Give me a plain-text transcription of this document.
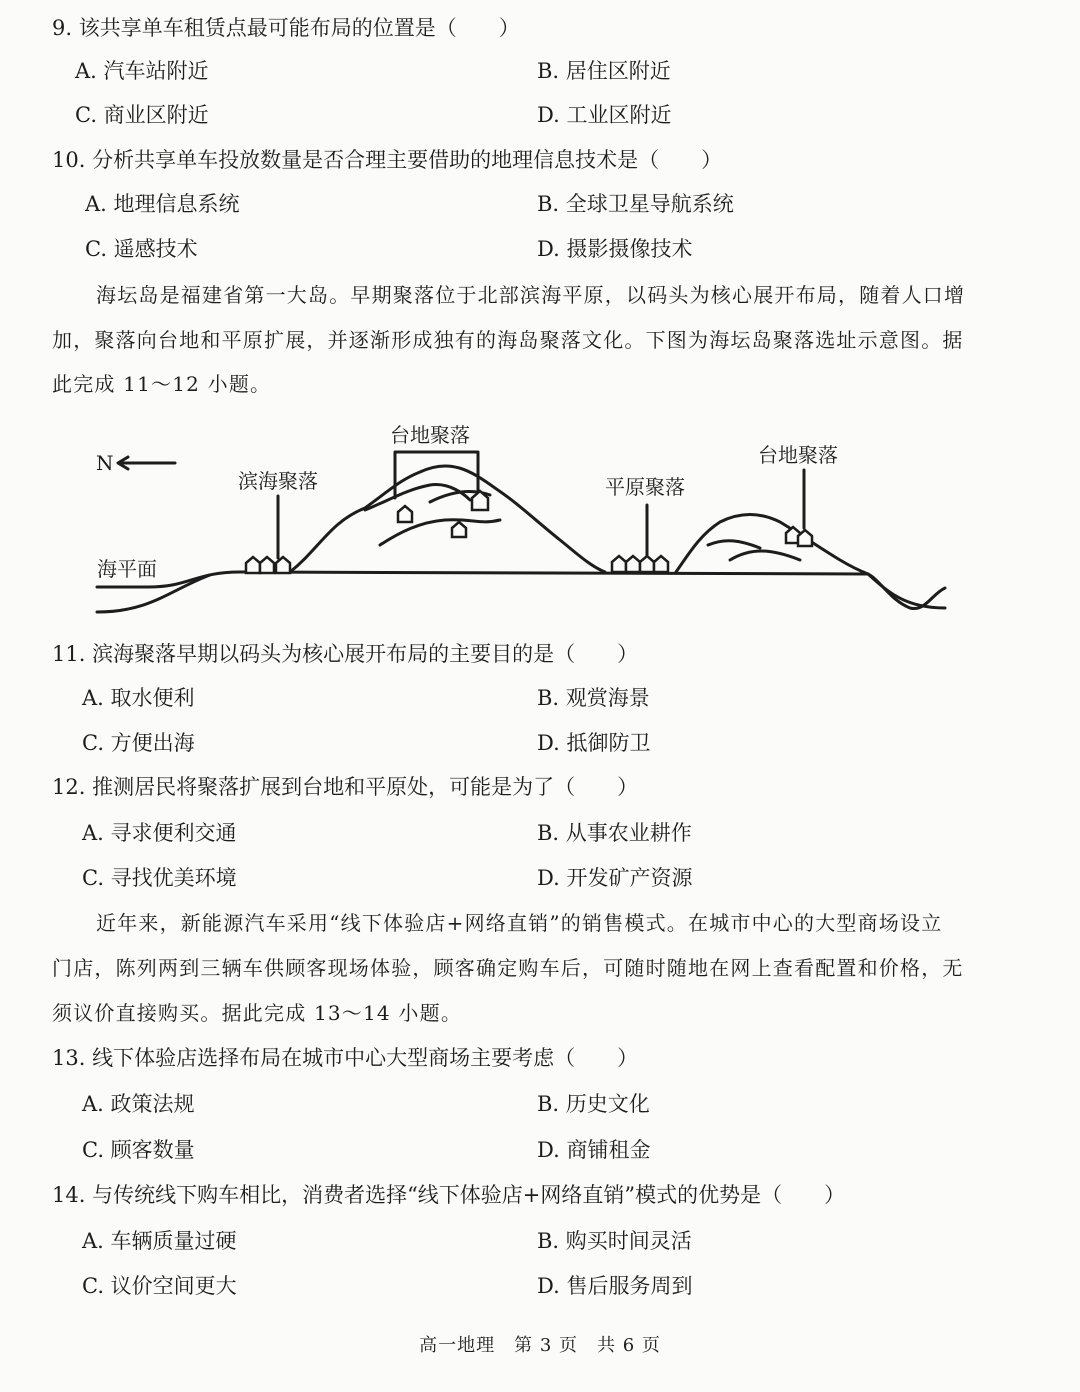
9. 该共享单车租赁点最可能布局的位置是（　　）
A. 汽车站附近	B. 居住区附近
C. 商业区附近	D. 工业区附近
10. 分析共享单车投放数量是否合理主要借助的地理信息技术是（　　）
A. 地理信息系统	B. 全球卫星导航系统
C. 遥感技术	D. 摄影摄像技术
海坛岛是福建省第一大岛。早期聚落位于北部滨海平原，以码头为核心展开布局，随着人口增
加，聚落向台地和平原扩展，并逐渐形成独有的海岛聚落文化。下图为海坛岛聚落选址示意图。据
此完成 11～12 小题。
N
海平面
滨海聚落
台地聚落
平原聚落
台地聚落
11. 滨海聚落早期以码头为核心展开布局的主要目的是（　　）
A. 取水便利	B. 观赏海景
C. 方便出海	D. 抵御防卫
12. 推测居民将聚落扩展到台地和平原处，可能是为了（　　）
A. 寻求便利交通	B. 从事农业耕作
C. 寻找优美环境	D. 开发矿产资源
近年来，新能源汽车采用“线下体验店+网络直销”的销售模式。在城市中心的大型商场设立
门店，陈列两到三辆车供顾客现场体验，顾客确定购车后，可随时随地在网上查看配置和价格，无
须议价直接购买。据此完成 13～14 小题。
13. 线下体验店选择布局在城市中心大型商场主要考虑（　　）
A. 政策法规	B. 历史文化
C. 顾客数量	D. 商铺租金
14. 与传统线下购车相比，消费者选择“线下体验店+网络直销”模式的优势是（　　）
A. 车辆质量过硬	B. 购买时间灵活
C. 议价空间更大	D. 售后服务周到
高一地理　第 3 页　共 6 页
